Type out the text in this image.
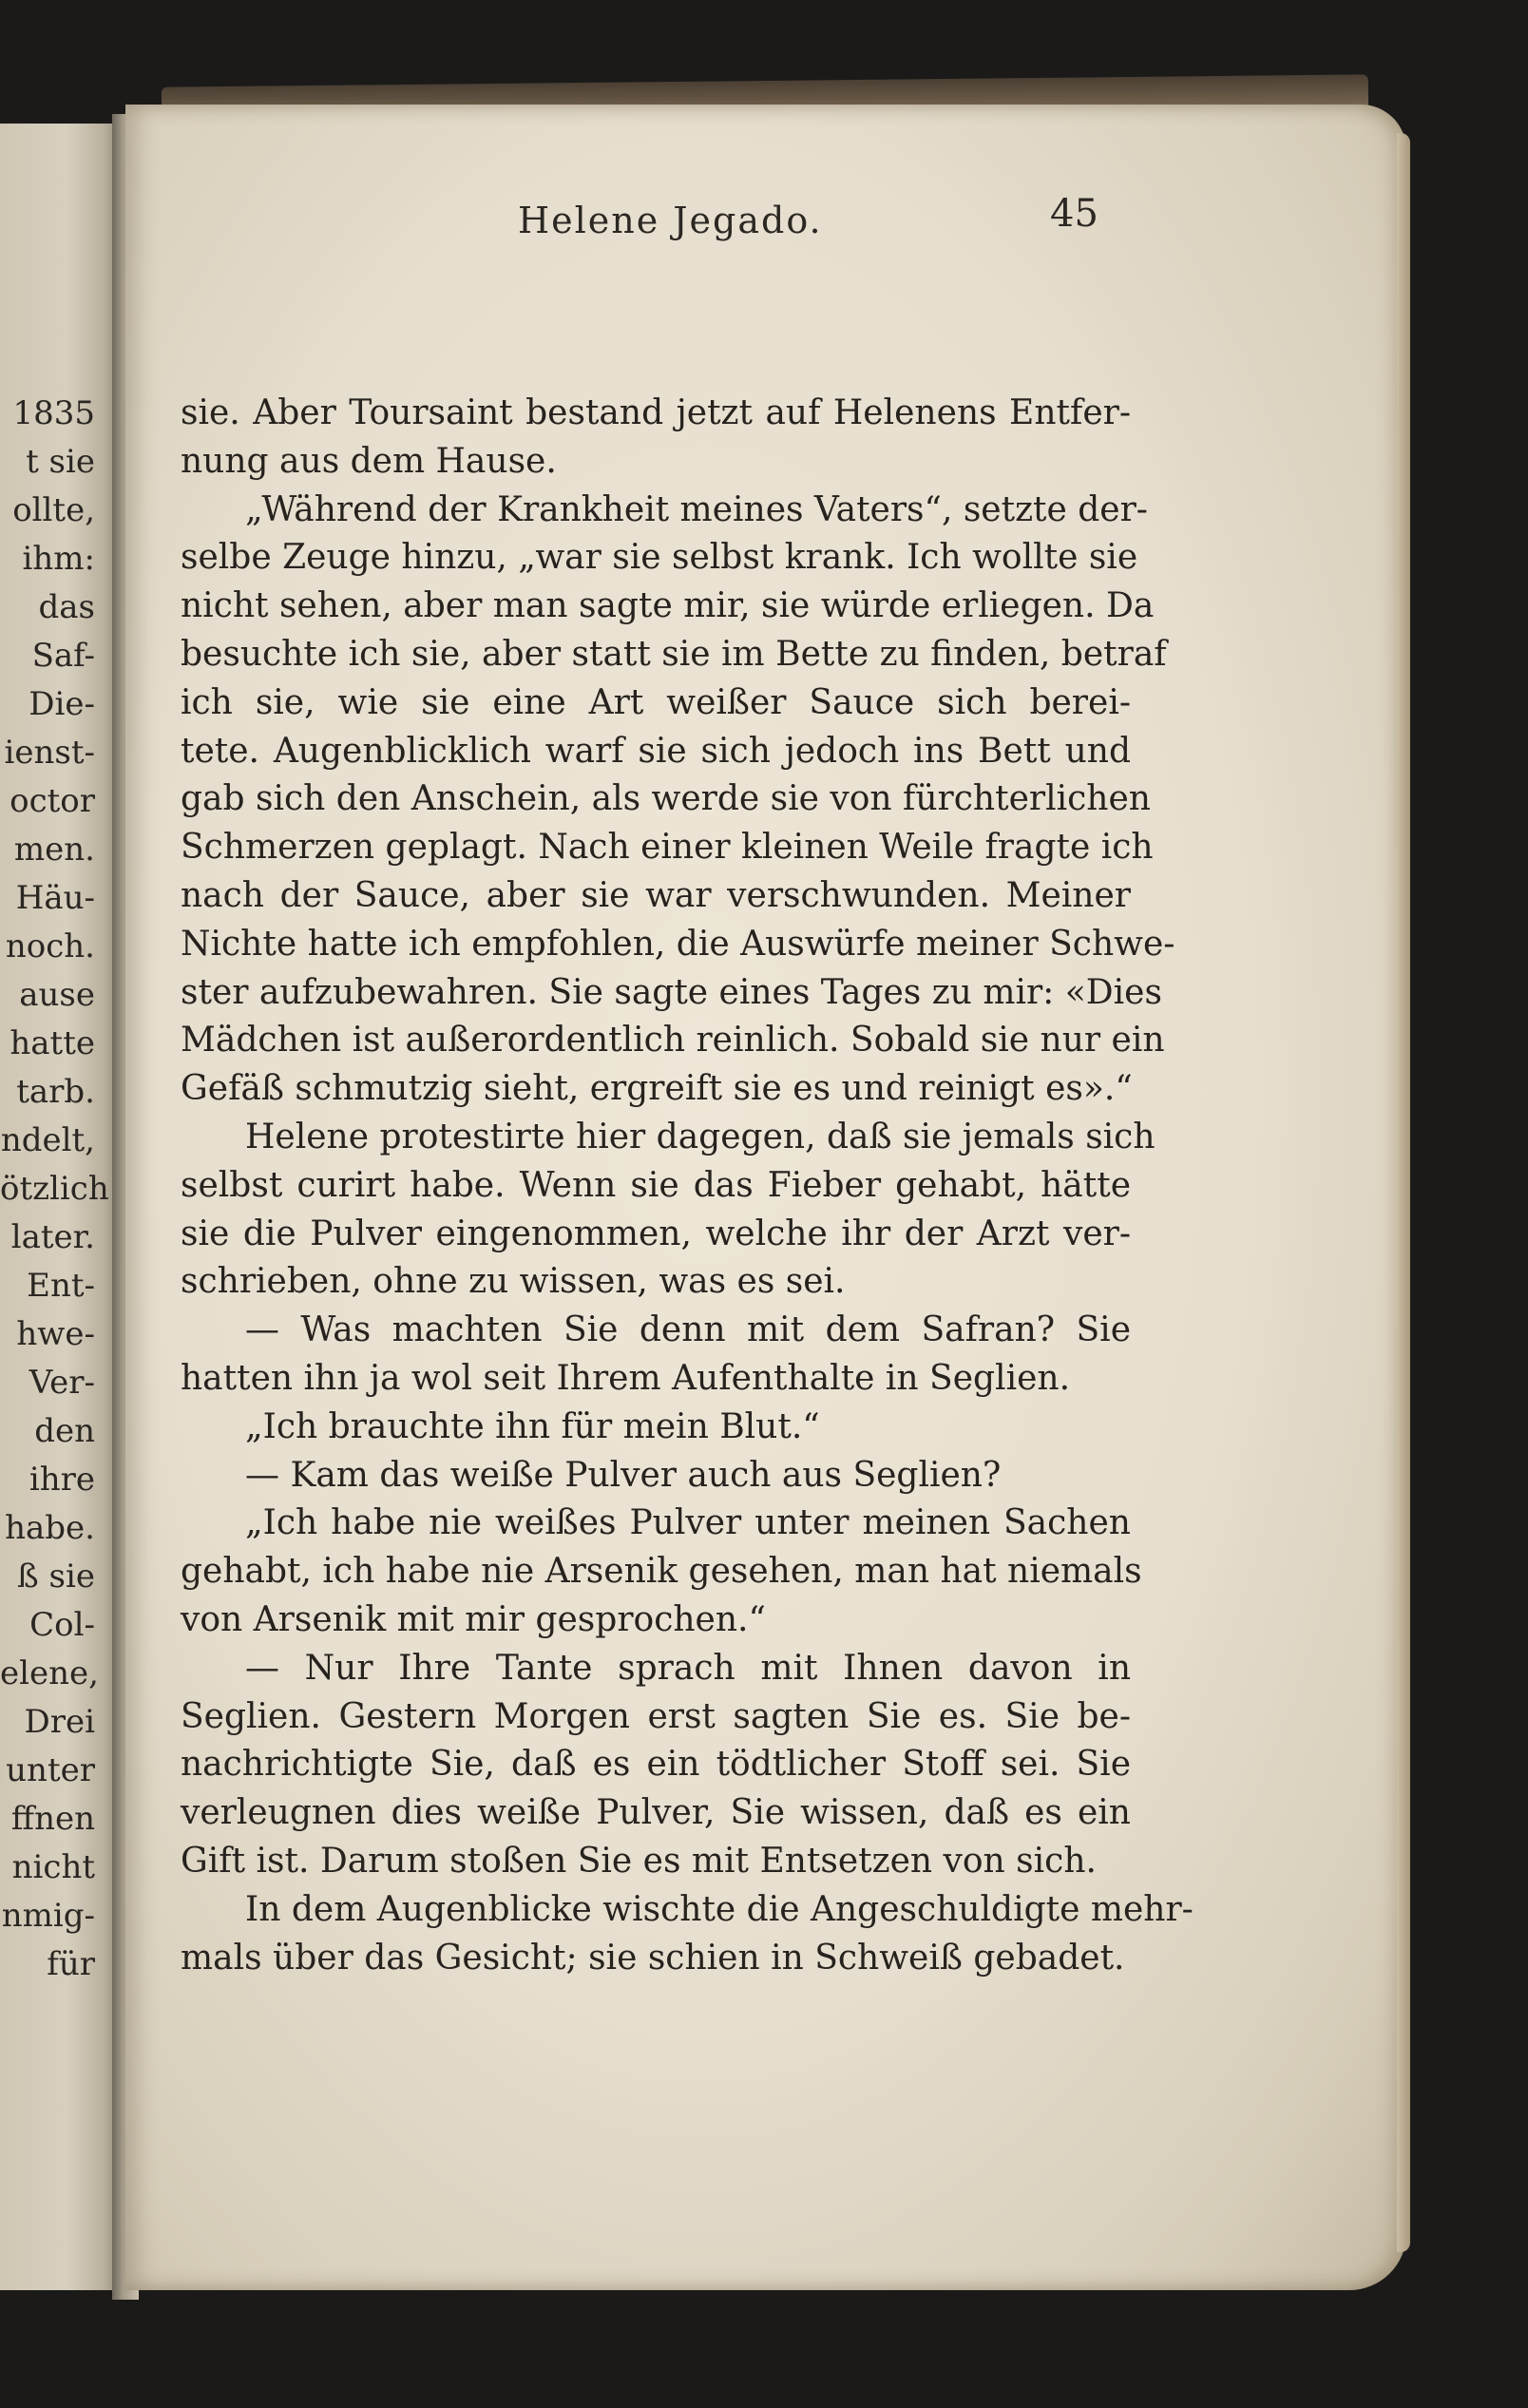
1835
t sie
ollte,
ihm:
das
Saf-
Die-
ienst-
octor
men.
Häu-
noch.
ause
hatte
tarb.
ndelt,
ötzlich
later.
Ent-
hwe-
Ver-
den
ihre
habe.
ß sie
Col-
elene,
Drei
unter
ffnen
nicht
nmig-
für
Helene Jegado.	45
sie. Aber Toursaint bestand jetzt auf Helenens Entfer-
nung aus dem Hause.
„Während der Krankheit meines Vaters“, setzte der-
selbe Zeuge hinzu, „war sie selbst krank. Ich wollte sie
nicht sehen, aber man sagte mir, sie würde erliegen. Da
besuchte ich sie, aber statt sie im Bette zu finden, betraf
ich sie, wie sie eine Art weißer Sauce sich berei-
tete. Augenblicklich warf sie sich jedoch ins Bett und
gab sich den Anschein, als werde sie von fürchterlichen
Schmerzen geplagt. Nach einer kleinen Weile fragte ich
nach der Sauce, aber sie war verschwunden. Meiner
Nichte hatte ich empfohlen, die Auswürfe meiner Schwe-
ster aufzubewahren. Sie sagte eines Tages zu mir: «Dies
Mädchen ist außerordentlich reinlich. Sobald sie nur ein
Gefäß schmutzig sieht, ergreift sie es und reinigt es».“
Helene protestirte hier dagegen, daß sie jemals sich
selbst curirt habe. Wenn sie das Fieber gehabt, hätte
sie die Pulver eingenommen, welche ihr der Arzt ver-
schrieben, ohne zu wissen, was es sei.
— Was machten Sie denn mit dem Safran? Sie
hatten ihn ja wol seit Ihrem Aufenthalte in Seglien.
„Ich brauchte ihn für mein Blut.“
— Kam das weiße Pulver auch aus Seglien?
„Ich habe nie weißes Pulver unter meinen Sachen
gehabt, ich habe nie Arsenik gesehen, man hat niemals
von Arsenik mit mir gesprochen.“
— Nur Ihre Tante sprach mit Ihnen davon in
Seglien. Gestern Morgen erst sagten Sie es. Sie be-
nachrichtigte Sie, daß es ein tödtlicher Stoff sei. Sie
verleugnen dies weiße Pulver, Sie wissen, daß es ein
Gift ist. Darum stoßen Sie es mit Entsetzen von sich.
In dem Augenblicke wischte die Angeschuldigte mehr-
mals über das Gesicht; sie schien in Schweiß gebadet.
